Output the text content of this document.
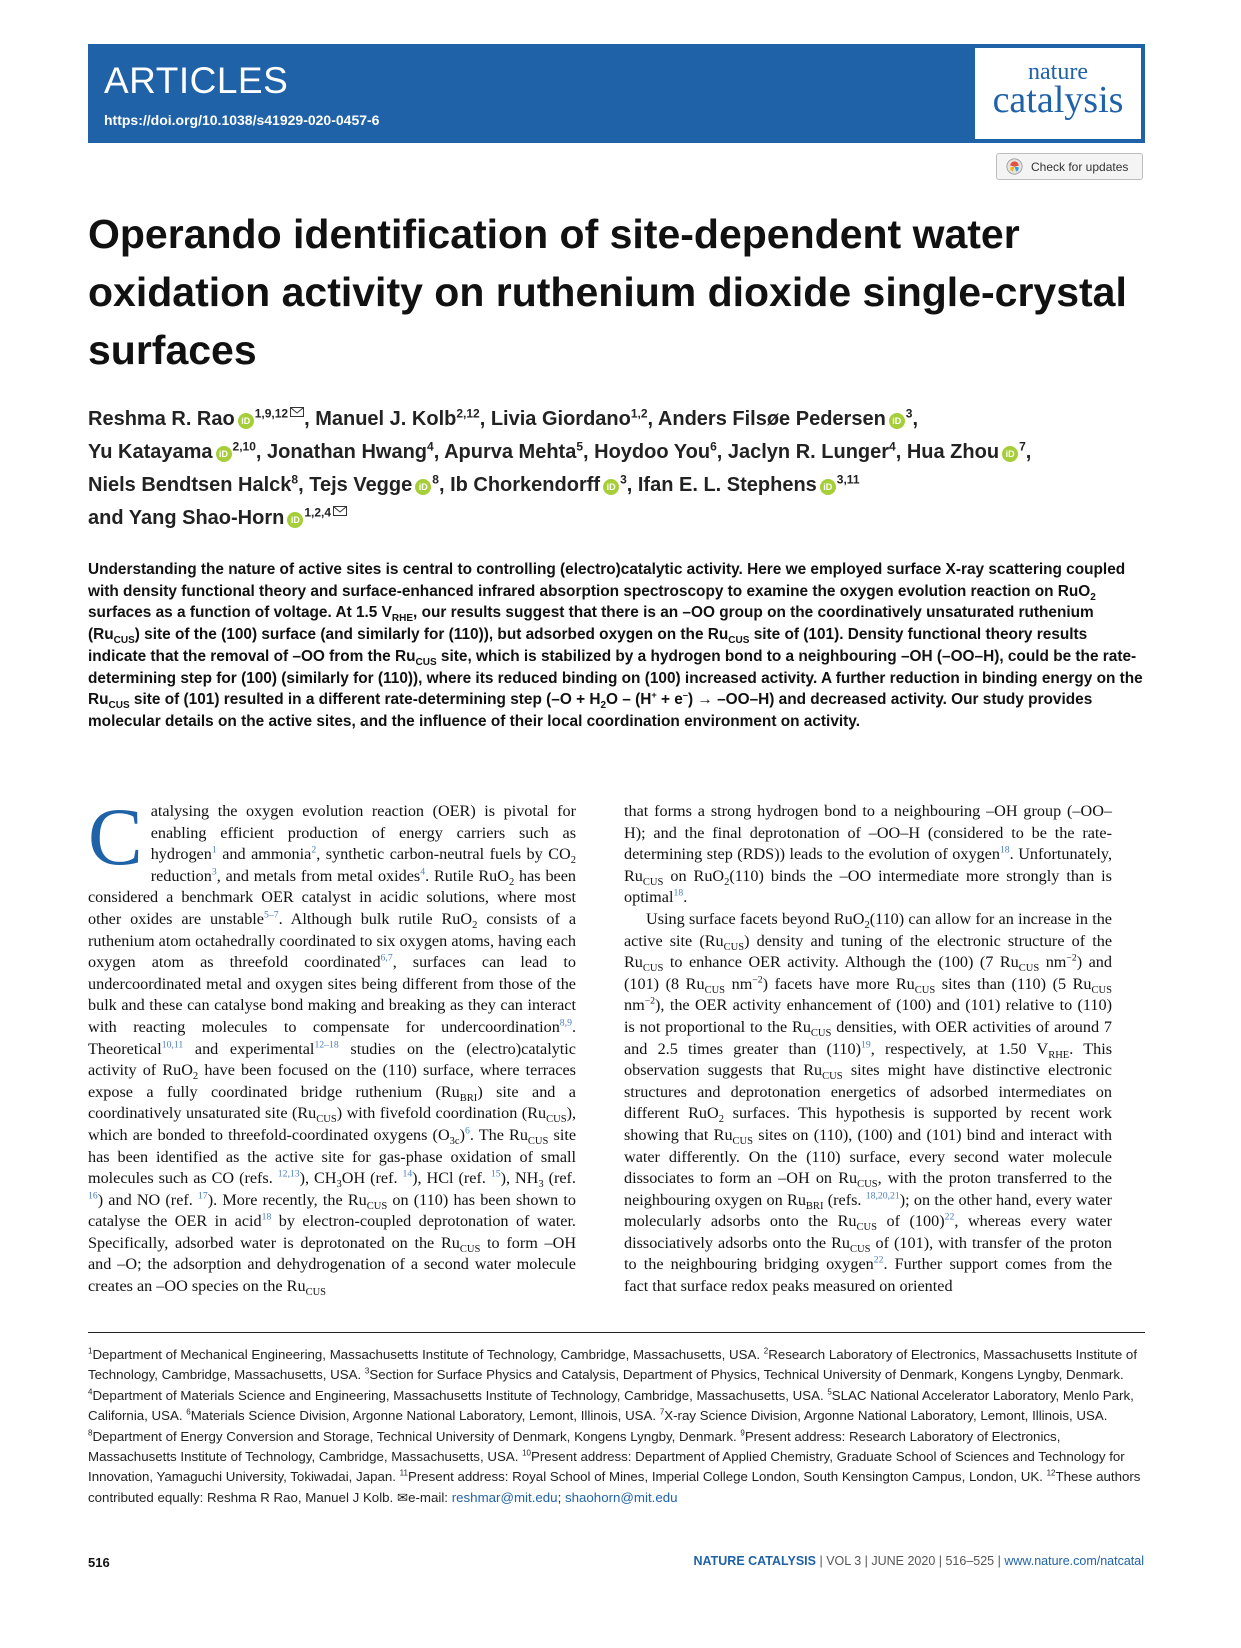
ARTICLES
https://doi.org/10.1038/s41929-020-0457-6
nature
catalysis
Check for updates
Operando identification of site-dependent water oxidation activity on ruthenium dioxide single-crystal surfaces
Reshma R. Rao iD$^{1,9,12}$ , Manuel J. Kolb$^{2,12}$, Livia Giordano$^{1,2}$, Anders Filsøe Pedersen $iD^3$,
Yu Katayama iD$^{2,10}$, Jonathan Hwang$^4$, Apurva Mehta$^5$, Hoydoo You$^6$, Jaclyn R. Lunger$^4$, Hua Zhou $iD^7$,
Niels Bendtsen Halck$^8$, Tejs Vegge $iD^8$, Ib Chorkendorff $iD^3$, Ifan E. L. Stephens iD$^{3,11}$
and Yang Shao-Horn iD$^{1,2,4}$

Understanding the nature of active sites is central to controlling (electro)catalytic activity. Here we employed surface X-ray scattering coupled with density functional theory and surface-enhanced infrared absorption spectroscopy to examine the oxygen evolution reaction on RuO$_2$ surfaces as a function of voltage. At 1.5 $V_{RHE}$, our results suggest that there is an –OO group on the coordinatively unsaturated ruthenium $(Ru_{CUS})$ site of the (100) surface (and similarly for (110)), but adsorbed oxygen on the $Ru_{CUS}$ site of (101). Density functional theory results indicate that the removal of –OO from the $Ru_{CUS}$ site, which is stabilized by a hydrogen bond to a neighbouring –OH (–OO–H), could be the rate-determining step for (100) (similarly for (110)), where its reduced binding on (100) increased activity. A further reduction in binding energy on the $Ru_{CUS}$ site of (101) resulted in a different rate-determining step $(-O + H_2O - (H^+ + e^-) \to -OO-H)$ and decreased activity. Our study provides molecular details on the active sites, and the influence of their local coordination environment on activity.

Catalysing the oxygen evolution reaction (OER) is pivotal for enabling efficient production of energy carriers such as hydrogen$^1$ and ammonia$^2$, synthetic carbon-neutral fuels by $CO_2$ reduction$^3$, and metals from metal oxides$^4$. Rutile RuO$_2$ has been considered a benchmark OER catalyst in acidic solutions, where most other oxides are unstable$^{5-7}$. Although bulk rutile RuO$_2$ consists of a ruthenium atom octahedrally coordinated to six oxygen atoms, having each oxygen atom as threefold coordinated$^{6,7}$, surfaces can lead to undercoordinated metal and oxygen sites being different from those of the bulk and these can catalyse bond making and breaking as they can interact with reacting molecules to compensate for undercoordination$^{8,9}$. Theoretical$^{10,11}$ and experimental$^{12-18}$ studies on the (electro)catalytic activity of RuO$_2$ have been focused on the (110) surface, where terraces expose a fully coordinated bridge ruthenium $(Ru_{BRI})$ site and a coordinatively unsaturated site $(Ru_{CUS})$ with fivefold coordination $(Ru_{CUS})$, which are bonded to threefold-coordinated oxygens $(O_{3c})^6$. The $Ru_{CUS}$ site has been identified as the active site for gas-phase oxidation of small molecules such as CO (refs. $^{12,13}$), $CH_3OH$ (ref. $^{14}$), HCl (ref. $^{15}$), $NH_3$ (ref. $^{16}$) and NO (ref. $^{17}$). More recently, the $Ru_{CUS}$ on (110) has been shown to catalyse the OER in acid$^{18}$ by electron-coupled deprotonation of water. Specifically, adsorbed water is deprotonated on the $Ru_{CUS}$ to form –OH and –O; the adsorption and dehydrogenation of a second water molecule creates an –OO species on the $Ru_{CUS}$

that forms a strong hydrogen bond to a neighbouring –OH group (–OO–H); and the final deprotonation of –OO–H (considered to be the rate-determining step (RDS)) leads to the evolution of oxygen$^{18}$. Unfortunately, $Ru_{CUS}$ on RuO$_2$(110) binds the –OO intermediate more strongly than is optimal$^{18}$.

Using surface facets beyond RuO$_2$(110) can allow for an increase in the active site $(Ru_{CUS})$ density and tuning of the electronic structure of the $Ru_{CUS}$ to enhance OER activity. Although the (100) (7 $Ru_{CUS}$ $nm^{-2}$) and (101) (8 $Ru_{CUS}$ $nm^{-2}$) facets have more $Ru_{CUS}$ sites than (110) (5 $Ru_{CUS}$ $nm^{-2}$), the OER activity enhancement of (100) and (101) relative to (110) is not proportional to the $Ru_{CUS}$ densities, with OER activities of around 7 and 2.5 times greater than (110)$^{19}$, respectively, at 1.50 $V_{RHE}$. This observation suggests that $Ru_{CUS}$ sites might have distinctive electronic structures and deprotonation energetics of adsorbed intermediates on different RuO$_2$ surfaces. This hypothesis is supported by recent work showing that $Ru_{CUS}$ sites on (110), (100) and (101) bind and interact with water differently. On the (110) surface, every second water molecule dissociates to form an –OH on $Ru_{CUS}$, with the proton transferred to the neighbouring oxygen on $Ru_{BRI}$ (refs. $^{18,20,21}$); on the other hand, every water molecularly adsorbs onto the $Ru_{CUS}$ of (100)$^{22}$, whereas every water dissociatively adsorbs onto the $Ru_{CUS}$ of (101), with transfer of the proton to the neighbouring bridging oxygen$^{22}$. Further support comes from the fact that surface redox peaks measured on oriented

$^1$Department of Mechanical Engineering, Massachusetts Institute of Technology, Cambridge, Massachusetts, USA. $^2$Research Laboratory of Electronics, Massachusetts Institute of Technology, Cambridge, Massachusetts, USA. $^3$Section for Surface Physics and Catalysis, Department of Physics, Technical University of Denmark, Kongens Lyngby, Denmark. $^4$Department of Materials Science and Engineering, Massachusetts Institute of Technology, Cambridge, Massachusetts, USA. $^5$SLAC National Accelerator Laboratory, Menlo Park, California, USA. $^6$Materials Science Division, Argonne National Laboratory, Lemont, Illinois, USA. $^7$X-ray Science Division, Argonne National Laboratory, Lemont, Illinois, USA. $^8$Department of Energy Conversion and Storage, Technical University of Denmark, Kongens Lyngby, Denmark. $^9$Present address: Research Laboratory of Electronics, Massachusetts Institute of Technology, Cambridge, Massachusetts, USA. $^{10}$Present address: Department of Applied Chemistry, Graduate School of Sciences and Technology for Innovation, Yamaguchi University, Tokiwadai, Japan. $^{11}$Present address: Royal School of Mines, Imperial College London, South Kensington Campus, London, UK. $^{12}$These authors contributed equally: Reshma R Rao, Manuel J Kolb. ✉e-mail: reshmar@mit.edu; shaohorn@mit.edu
516	NATURE CATALYSIS | VOL 3 | JUNE 2020 | 516–525 | www.nature.com/natcatal
